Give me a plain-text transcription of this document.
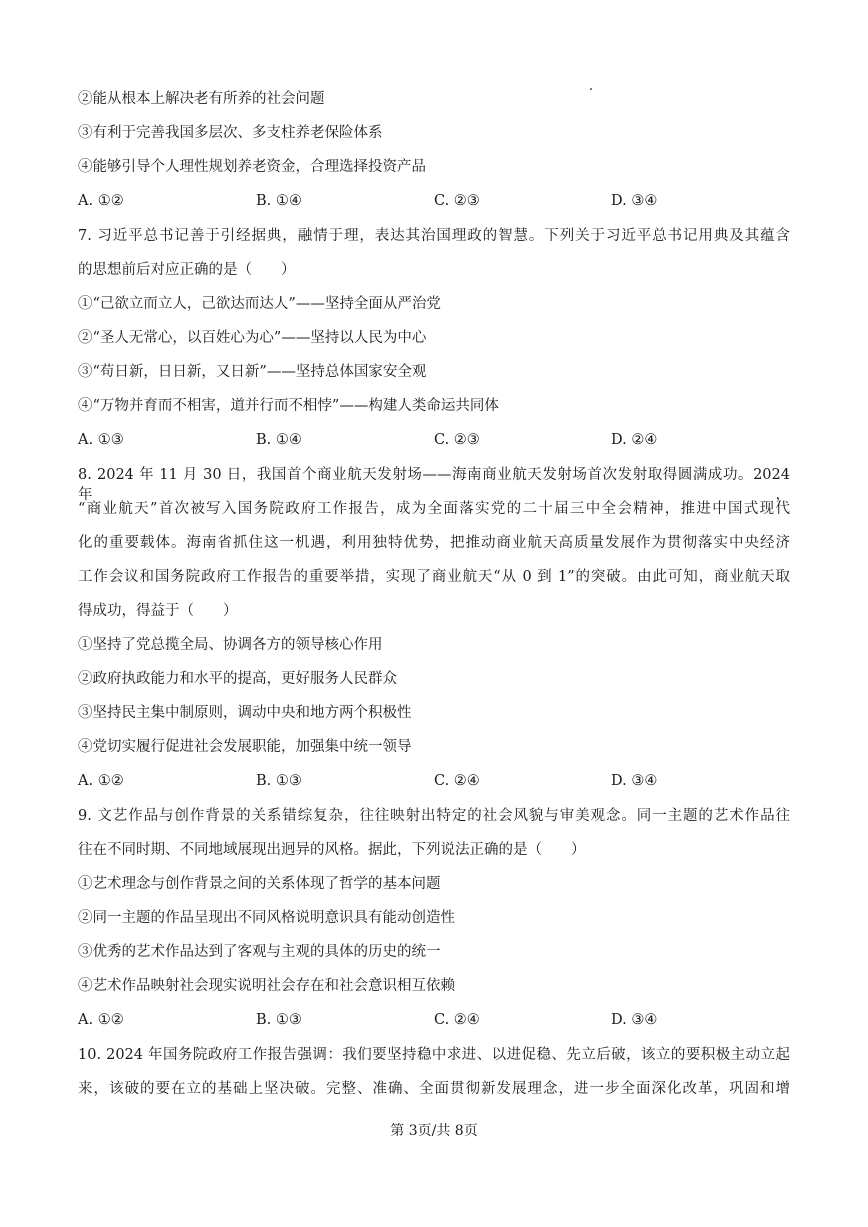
②能从根本上解决老有所养的社会问题
③有利于完善我国多层次、多支柱养老保险体系
④能够引导个人理性规划养老资金，合理选择投资产品
A. ①②	B. ①④	C. ②③	D. ③④
7. 习近平总书记善于引经据典，融情于理，表达其治国理政的智慧。下列关于习近平总书记用典及其蕴含
的思想前后对应正确的是（　　）
①“己欲立而立人，己欲达而达人”——坚持全面从严治党
②“圣人无常心，以百姓心为心”——坚持以人民为中心
③“苟日新，日日新，又日新”——坚持总体国家安全观
④“万物并育而不相害，道并行而不相悖”——构建人类命运共同体
A. ①③	B. ①④	C. ②③	D. ②④
8. 2024 年 11 月 30 日，我国首个商业航天发射场——海南商业航天发射场首次发射取得圆满成功。2024 年，
“商业航天”首次被写入国务院政府工作报告，成为全面落实党的二十届三中全会精神，推进中国式现代
化的重要载体。海南省抓住这一机遇，利用独特优势，把推动商业航天高质量发展作为贯彻落实中央经济
工作会议和国务院政府工作报告的重要举措，实现了商业航天“从 0 到 1”的突破。由此可知，商业航天取
得成功，得益于（　　）
①坚持了党总揽全局、协调各方的领导核心作用
②政府执政能力和水平的提高，更好服务人民群众
③坚持民主集中制原则，调动中央和地方两个积极性
④党切实履行促进社会发展职能，加强集中统一领导
A. ①②	B. ①③	C. ②④	D. ③④
9. 文艺作品与创作背景的关系错综复杂，往往映射出特定的社会风貌与审美观念。同一主题的艺术作品往
往在不同时期、不同地域展现出迥异的风格。据此，下列说法正确的是（　　）
①艺术理念与创作背景之间的关系体现了哲学的基本问题
②同一主题的作品呈现出不同风格说明意识具有能动创造性
③优秀的艺术作品达到了客观与主观的具体的历史的统一
④艺术作品映射社会现实说明社会存在和社会意识相互依赖
A. ①②	B. ①③	C. ②④	D. ③④
10. 2024 年国务院政府工作报告强调：我们要坚持稳中求进、以进促稳、先立后破，该立的要积极主动立起
来，该破的要在立的基础上坚决破。完整、准确、全面贯彻新发展理念，进一步全面深化改革，巩固和增
第 3页/共 8页
